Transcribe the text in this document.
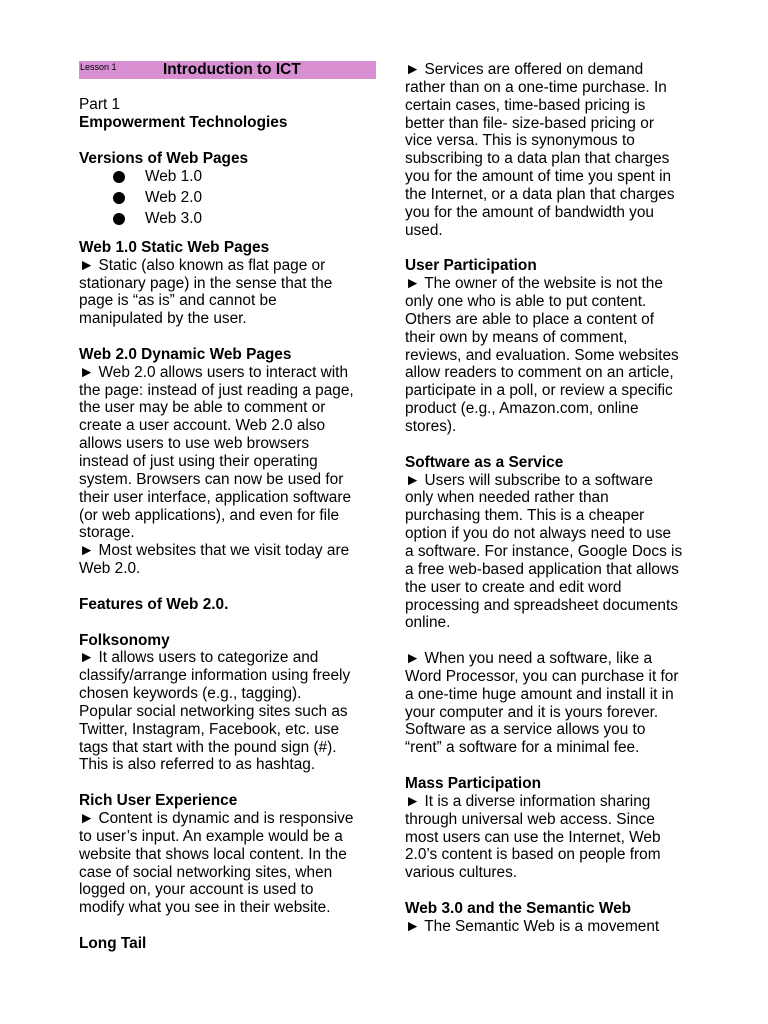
Lesson 1	Introduction to ICT
Part 1
Empowerment Technologies
Versions of Web Pages
Web 1.0 Static Web Pages
► Static (also known as flat page or
stationary page) in the sense that the
page is “as is” and cannot be
manipulated by the user.
Web 2.0 Dynamic Web Pages
► Web 2.0 allows users to interact with
the page: instead of just reading a page,
the user may be able to comment or
create a user account. Web 2.0 also
allows users to use web browsers
instead of just using their operating
system. Browsers can now be used for
their user interface, application software
(or web applications), and even for file
storage.
► Most websites that we visit today are
Web 2.0.
Features of Web 2.0.
Folksonomy
► It allows users to categorize and
classify/arrange information using freely
chosen keywords (e.g., tagging).
Popular social networking sites such as
Twitter, Instagram, Facebook, etc. use
tags that start with the pound sign (#).
This is also referred to as hashtag.
Rich User Experience
► Content is dynamic and is responsive
to user’s input. An example would be a
website that shows local content. In the
case of social networking sites, when
logged on, your account is used to
modify what you see in their website.
Long Tail
Web 1.0
Web 2.0
Web 3.0
► Services are offered on demand
rather than on a one-time purchase. In
certain cases, time-based pricing is
better than file- size-based pricing or
vice versa. This is synonymous to
subscribing to a data plan that charges
you for the amount of time you spent in
the Internet, or a data plan that charges
you for the amount of bandwidth you
used.
User Participation
► The owner of the website is not the
only one who is able to put content.
Others are able to place a content of
their own by means of comment,
reviews, and evaluation. Some websites
allow readers to comment on an article,
participate in a poll, or review a specific
product (e.g., Amazon.com, online
stores).
Software as a Service
► Users will subscribe to a software
only when needed rather than
purchasing them. This is a cheaper
option if you do not always need to use
a software. For instance, Google Docs is
a free web-based application that allows
the user to create and edit word
processing and spreadsheet documents
online.
► When you need a software, like a
Word Processor, you can purchase it for
a one-time huge amount and install it in
your computer and it is yours forever.
Software as a service allows you to
“rent” a software for a minimal fee.
Mass Participation
► It is a diverse information sharing
through universal web access. Since
most users can use the Internet, Web
2.0’s content is based on people from
various cultures.
Web 3.0 and the Semantic Web
► The Semantic Web is a movement
